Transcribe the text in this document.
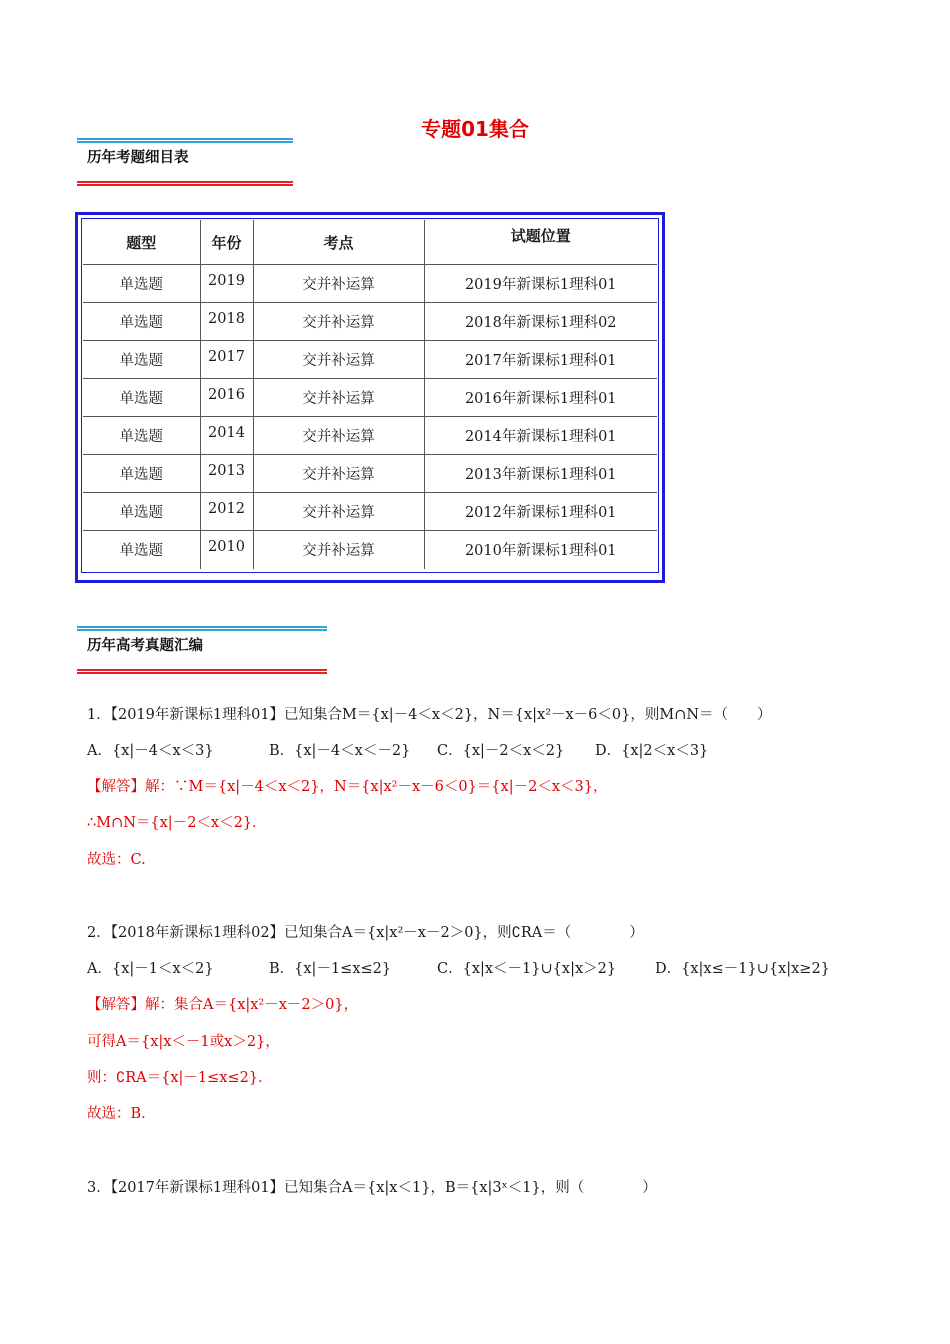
专题01集合
历年考题细目表
题型	年份	考点	试题位置
单选题	2019	交并补运算	2019年新课标1理科01
单选题	2018	交并补运算	2018年新课标1理科02
单选题	2017	交并补运算	2017年新课标1理科01
单选题	2016	交并补运算	2016年新课标1理科01
单选题	2014	交并补运算	2014年新课标1理科01
单选题	2013	交并补运算	2013年新课标1理科01
单选题	2012	交并补运算	2012年新课标1理科01
单选题	2010	交并补运算	2010年新课标1理科01
历年高考真题汇编
1．【2019年新课标1理科01】已知集合M＝{x|－4＜x＜2}，N＝{x|x²－x－6＜0}，则M∩N＝（　　）
A．{x|－4＜x＜3}	B．{x|－4＜x＜－2} C．{x|－2＜x＜2} D．{x|2＜x＜3}
【解答】解：∵M＝{x|－4＜x＜2}，N＝{x|x²－x－6＜0}＝{x|－2＜x＜3}，
∴M∩N＝{x|－2＜x＜2}．
故选：C.
2．【2018年新课标1理科02】已知集合A＝{x|x²－x－2＞0}，则∁RA＝（　　　　）
A．{x|－1＜x＜2}	B．{x|－1≤x≤2}	C．{x|x＜－1}∪{x|x＞2}	D．{x|x≤－1}∪{x|x≥2}
【解答】解：集合A＝{x|x²－x－2＞0}，
可得A＝{x|x＜－1或x＞2}，
则：∁RA＝{x|－1≤x≤2}．
故选：B.
3．【2017年新课标1理科01】已知集合A＝{x|x＜1}，B＝{x|3ˣ＜1}，则（　　　　）
